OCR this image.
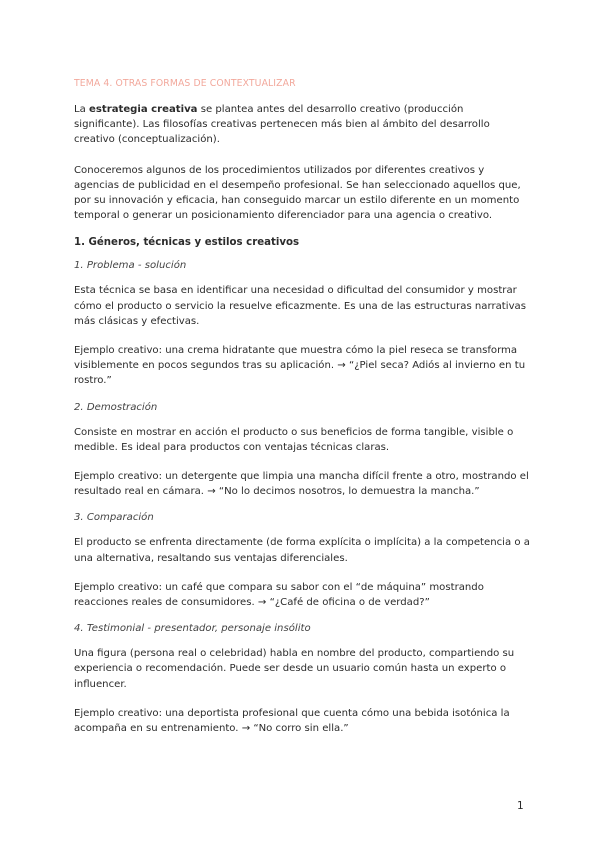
TEMA 4. OTRAS FORMAS DE CONTEXTUALIZAR

La estrategia creativa se plantea antes del desarrollo creativo (producción significante). Las filosofías creativas pertenecen más bien al ámbito del desarrollo creativo (conceptualización).

Conoceremos algunos de los procedimientos utilizados por diferentes creativos y agencias de publicidad en el desempeño profesional. Se han seleccionado aquellos que, por su innovación y eficacia, han conseguido marcar un estilo diferente en un momento temporal o generar un posicionamiento diferenciador para una agencia o creativo.

1. Géneros, técnicas y estilos creativos
1. Problema - solución

Esta técnica se basa en identificar una necesidad o dificultad del consumidor y mostrar cómo el producto o servicio la resuelve eficazmente. Es una de las estructuras narrativas más clásicas y efectivas.

Ejemplo creativo: una crema hidratante que muestra cómo la piel reseca se transforma visiblemente en pocos segundos tras su aplicación. → “¿Piel seca? Adiós al invierno en tu rostro.”

2. Demostración

Consiste en mostrar en acción el producto o sus beneficios de forma tangible, visible o medible. Es ideal para productos con ventajas técnicas claras.

Ejemplo creativo: un detergente que limpia una mancha difícil frente a otro, mostrando el resultado real en cámara. → “No lo decimos nosotros, lo demuestra la mancha.”

3. Comparación

El producto se enfrenta directamente (de forma explícita o implícita) a la competencia o a una alternativa, resaltando sus ventajas diferenciales.

Ejemplo creativo: un café que compara su sabor con el “de máquina” mostrando reacciones reales de consumidores. → “¿Café de oficina o de verdad?”

4. Testimonial - presentador, personaje insólito

Una figura (persona real o celebridad) habla en nombre del producto, compartiendo su experiencia o recomendación. Puede ser desde un usuario común hasta un experto o influencer.

Ejemplo creativo: una deportista profesional que cuenta cómo una bebida isotónica la acompaña en su entrenamiento. → “No corro sin ella.”

1
